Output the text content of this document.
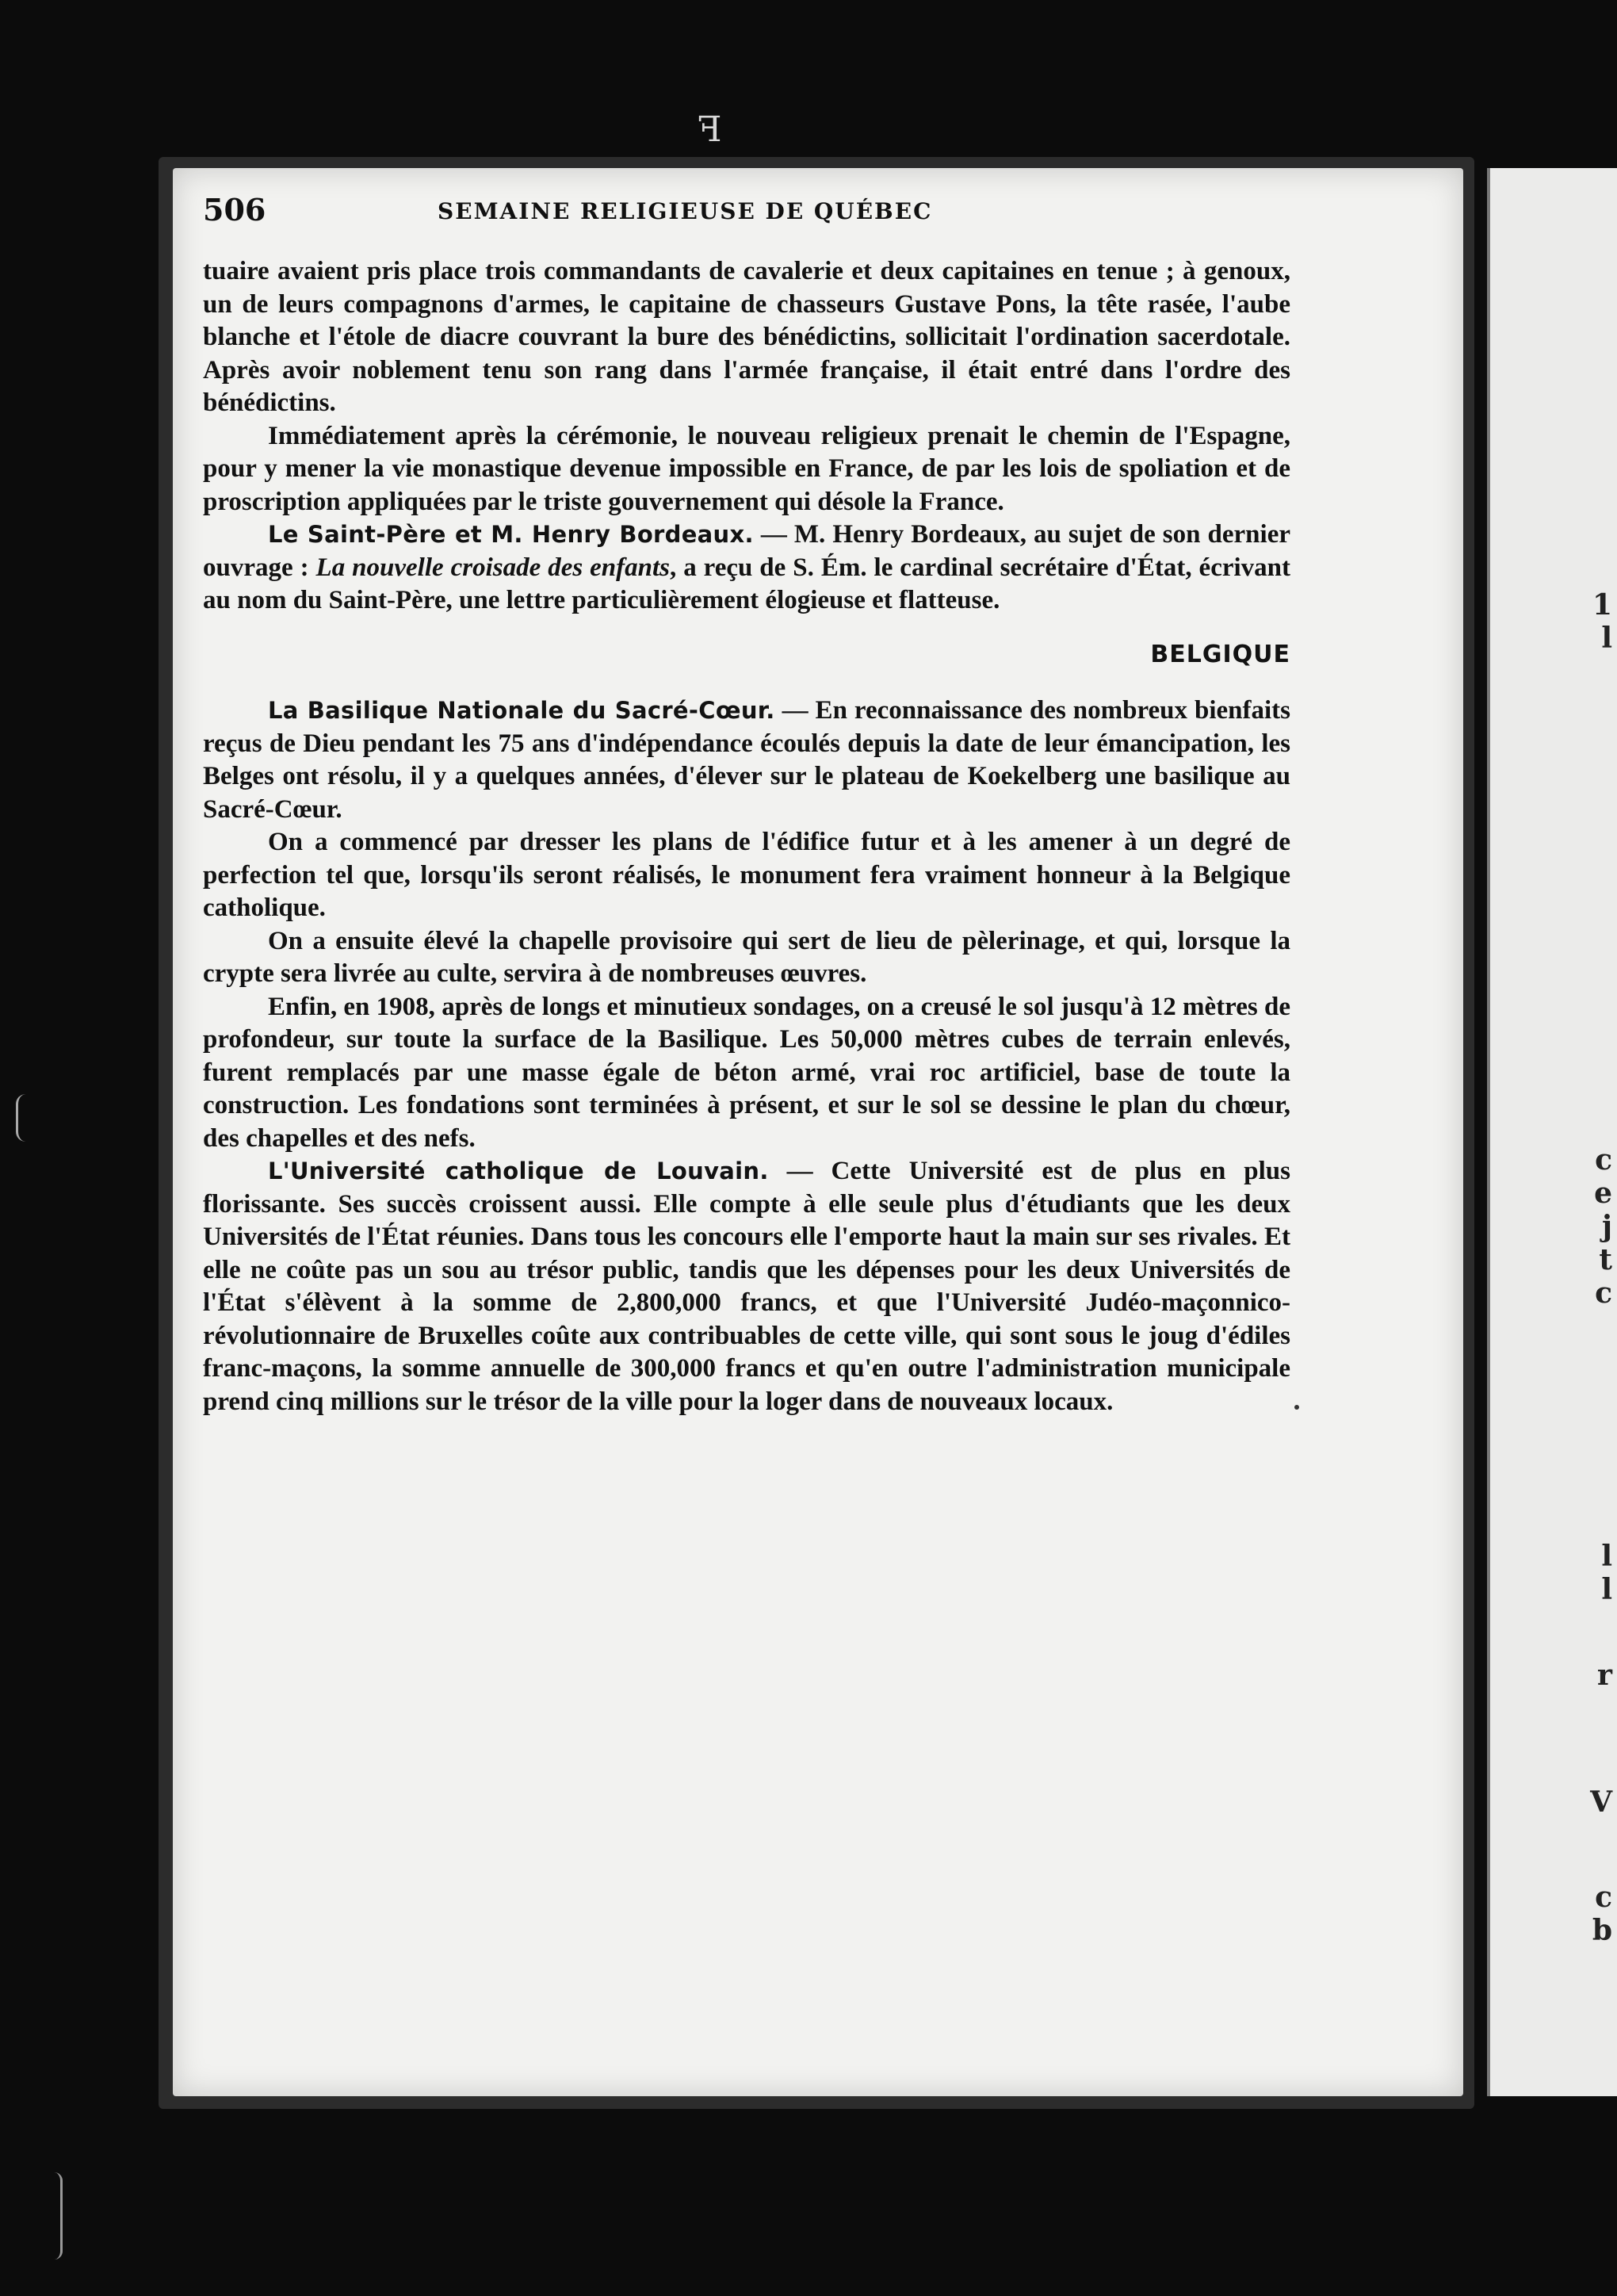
ꟻ
1
l
c
e
j
t
c
l
l
r
V
c
b
506	SEMAINE RELIGIEUSE DE QUÉBEC

tuaire avaient pris place trois commandants de cavalerie et deux capitaines en tenue ; à genoux, un de leurs compagnons d'armes, le capitaine de chasseurs Gustave Pons, la tête rasée, l'aube blanche et l'étole de diacre couvrant la bure des bénédictins, sollicitait l'ordination sacerdotale. Après avoir noblement tenu son rang dans l'armée française, il était entré dans l'ordre des bénédictins.

Immédiatement après la cérémonie, le nouveau religieux prenait le chemin de l'Espagne, pour y mener la vie monastique devenue impossible en France, de par les lois de spoliation et de proscription appliquées par le triste gouvernement qui désole la France.

Le Saint-Père et M. Henry Bordeaux. — M. Henry Bordeaux, au sujet de son dernier ouvrage : La nouvelle croisade des enfants, a reçu de S. Ém. le cardinal secrétaire d'État, écrivant au nom du Saint-Père, une lettre particulièrement élogieuse et flatteuse.

BELGIQUE

La Basilique Nationale du Sacré-Cœur. — En reconnaissance des nombreux bienfaits reçus de Dieu pendant les 75 ans d'indépendance écoulés depuis la date de leur émancipation, les Belges ont résolu, il y a quelques années, d'élever sur le plateau de Koekelberg une basilique au Sacré-Cœur.

On a commencé par dresser les plans de l'édifice futur et à les amener à un degré de perfection tel que, lorsqu'ils seront réalisés, le monument fera vraiment honneur à la Belgique catholique.

On a ensuite élevé la chapelle provisoire qui sert de lieu de pèlerinage, et qui, lorsque la crypte sera livrée au culte, servira à de nombreuses œuvres.

Enfin, en 1908, après de longs et minutieux sondages, on a creusé le sol jusqu'à 12 mètres de profondeur, sur toute la surface de la Basilique. Les 50,000 mètres cubes de terrain enlevés, furent remplacés par une masse égale de béton armé, vrai roc artificiel, base de toute la construction. Les fondations sont terminées à présent, et sur le sol se dessine le plan du chœur, des chapelles et des nefs.

L'Université catholique de Louvain. — Cette Université est de plus en plus florissante. Ses succès croissent aussi. Elle compte à elle seule plus d'étudiants que les deux Universités de l'État réunies. Dans tous les concours elle l'emporte haut la main sur ses rivales. Et elle ne coûte pas un sou au trésor public, tandis que les dépenses pour les deux Universités de l'État s'élèvent à la somme de 2,800,000 francs, et que l'Université Judéo-maçonnico-révolutionnaire de Bruxelles coûte aux contribuables de cette ville, qui sont sous le joug d'édiles franc-maçons, la somme annuelle de 300,000 francs et qu'en outre l'administration municipale prend cinq millions sur le trésor de la ville pour la loger dans de nouveaux locaux.
